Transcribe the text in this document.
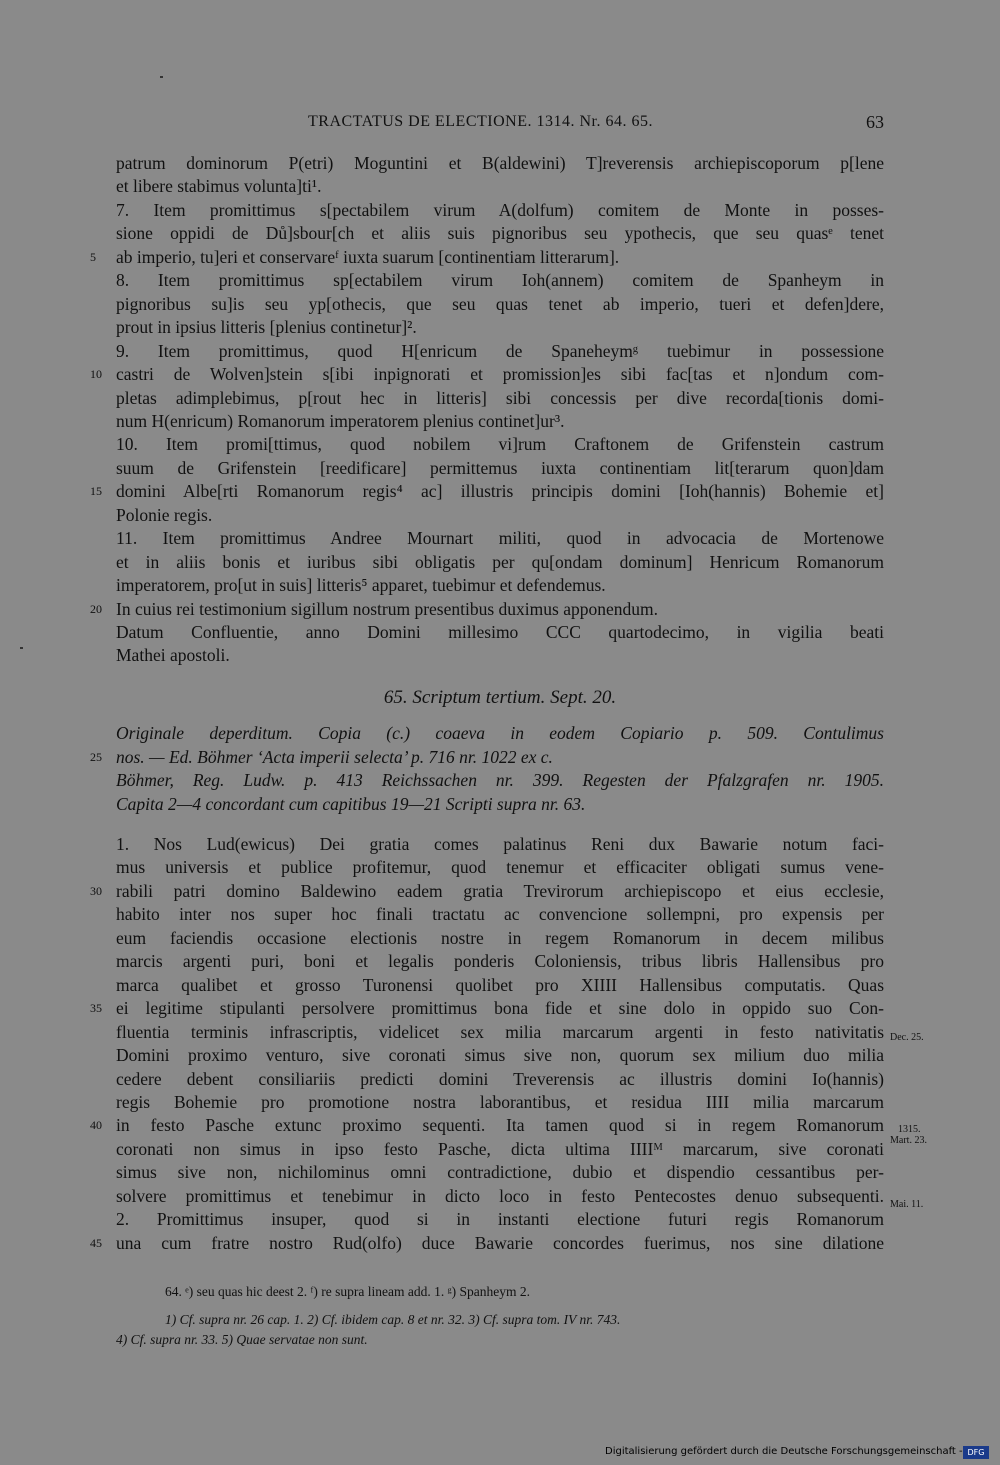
TRACTATUS DE ELECTIONE. 1314. Nr. 64. 65.	63
patrum dominorum P(etri) Moguntini et B(aldewini) T]reverensis archiepiscoporum p[lene
et libere stabimus volunta]ti¹.
7. Item promittimus s[pectabilem virum A(dolfum) comitem de Monte in posses-
sione oppidi de Dů]sbour[ch et aliis suis pignoribus seu ypothecis, que seu quasᵉ tenet
ab imperio, tu]eri et conservareᶠ iuxta suarum [continentiam litterarum].
5
8. Item promittimus sp[ectabilem virum Ioh(annem) comitem de Spanheym in
pignoribus su]is seu yp[othecis, que seu quas tenet ab imperio, tueri et defen]dere,
prout in ipsius litteris [plenius continetur]².
9. Item promittimus, quod H[enricum de Spaneheymᵍ tuebimur in possessione
castri de Wolven]stein s[ibi inpignorati et promission]es sibi fac[tas et n]ondum com-
10
pletas adimplebimus, p[rout hec in litteris] sibi concessis per dive recorda[tionis domi-
num H(enricum) Romanorum imperatorem plenius continet]ur³.
10. Item promi[ttimus, quod nobilem vi]rum Craftonem de Grifenstein castrum
suum de Grifenstein [reedificare] permittemus iuxta continentiam lit[terarum quon]dam
domini Albe[rti Romanorum regis⁴ ac] illustris principis domini [Ioh(hannis) Bohemie et]
15
Polonie regis.
11. Item promittimus Andree Mournart militi, quod in advocacia de Mortenowe
et in aliis bonis et iuribus sibi obligatis per qu[ondam dominum] Henricum Romanorum
imperatorem, pro[ut in suis] litteris⁵ apparet, tuebimur et defendemus.
In cuius rei testimonium sigillum nostrum presentibus duximus apponendum.
20
Datum Confluentie, anno Domini millesimo CCC quartodecimo, in vigilia beati
Mathei apostoli.
65. Scriptum tertium. Sept. 20.
Originale deperditum. Copia (c.) coaeva in eodem Copiario p. 509. Contulimus
nos. — Ed. Böhmer ‘Acta imperii selecta’ p. 716 nr. 1022 ex c.
25
Böhmer, Reg. Ludw. p. 413 Reichssachen nr. 399. Regesten der Pfalzgrafen nr. 1905.
Capita 2—4 concordant cum capitibus 19—21 Scripti supra nr. 63.
1. Nos Lud(ewicus) Dei gratia comes palatinus Reni dux Bawarie notum faci-
mus universis et publice profitemur, quod tenemur et efficaciter obligati sumus vene-
rabili patri domino Baldewino eadem gratia Trevirorum archiepiscopo et eius ecclesie,
30
habito inter nos super hoc finali tractatu ac convencione sollempni, pro expensis per
eum faciendis occasione electionis nostre in regem Romanorum in decem milibus
marcis argenti puri, boni et legalis ponderis Coloniensis, tribus libris Hallensibus pro
marca qualibet et grosso Turonensi quolibet pro XIIII Hallensibus computatis. Quas
ei legitime stipulanti persolvere promittimus bona fide et sine dolo in oppido suo Con-
35
fluentia terminis infrascriptis, videlicet sex milia marcarum argenti in festo nativitatis
Domini proximo venturo, sive coronati simus sive non, quorum sex milium duo milia
cedere debent consiliariis predicti domini Treverensis ac illustris domini Io(hannis)
regis Bohemie pro promotione nostra laborantibus, et residua IIII milia marcarum
in festo Pasche extunc proximo sequenti. Ita tamen quod si in regem Romanorum
40
coronati non simus in ipso festo Pasche, dicta ultima IIIIᴹ marcarum, sive coronati
simus sive non, nichilominus omni contradictione, dubio et dispendio cessantibus per-
solvere promittimus et tenebimur in dicto loco in festo Pentecostes denuo subsequenti.
2. Promittimus insuper, quod si in instanti electione futuri regis Romanorum
una cum fratre nostro Rud(olfo) duce Bawarie concordes fuerimus, nos sine dilatione
45
Dec. 25.
1315.
Mart. 23.
Mai. 11.
64. ᵉ) seu quas hic deest 2. ᶠ) re supra lineam add. 1. ᵍ) Spanheym 2.
1) Cf. supra nr. 26 cap. 1. 2) Cf. ibidem cap. 8 et nr. 32. 3) Cf. supra tom. IV nr. 743.
4) Cf. supra nr. 33. 5) Quae servatae non sunt.
Digitalisierung gefördert durch die Deutsche Forschungsgemeinschaft - DFG
